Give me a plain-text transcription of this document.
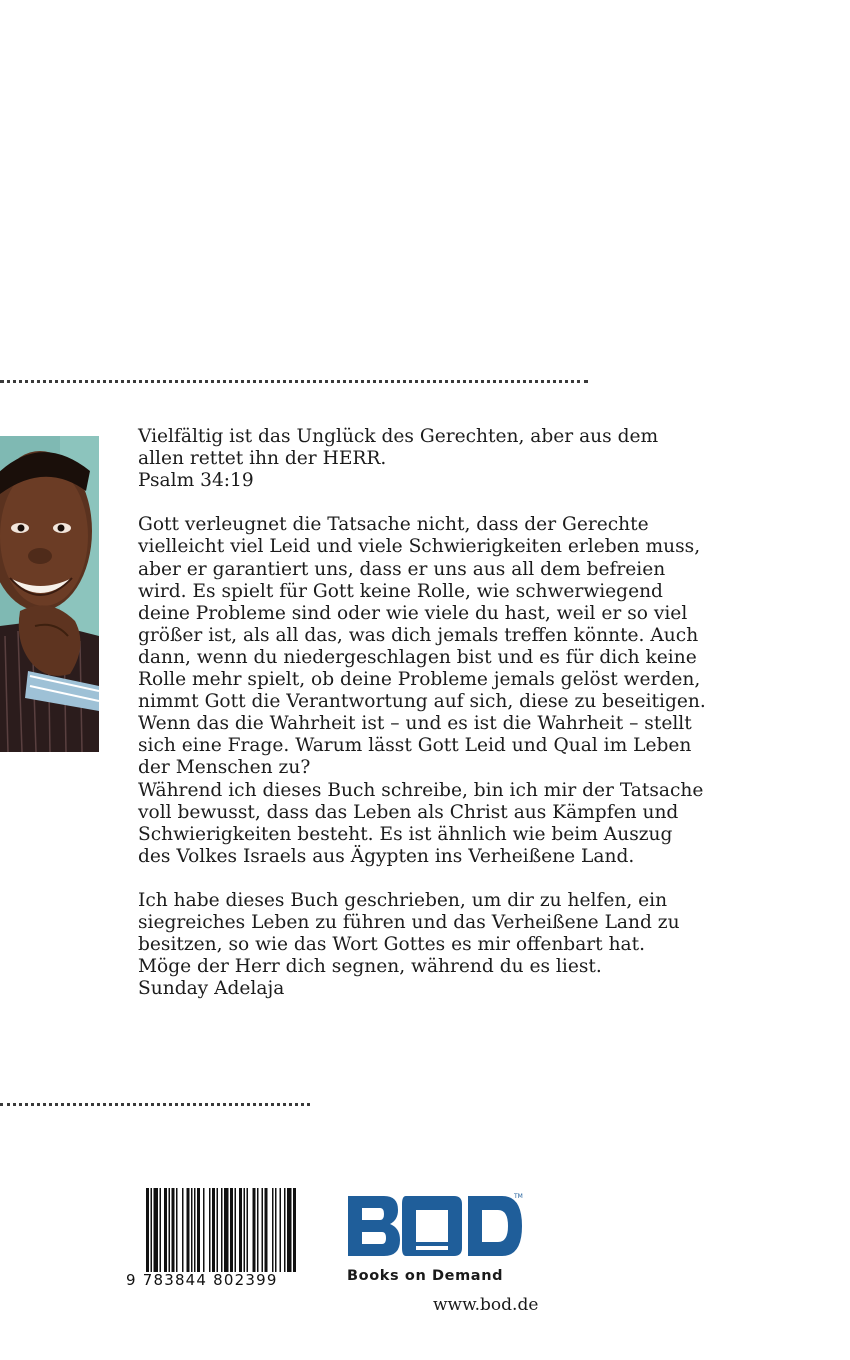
Vielfältig ist das Unglück des Gerechten, aber aus dem
allen rettet ihn der HERR.
Psalm 34:19
Gott verleugnet die Tatsache nicht, dass der Gerechte
vielleicht viel Leid und viele Schwierigkeiten erleben muss,
aber er garantiert uns, dass er uns aus all dem befreien
wird. Es spielt für Gott keine Rolle, wie schwerwiegend
deine Probleme sind oder wie viele du hast, weil er so viel
größer ist, als all das, was dich jemals treffen könnte. Auch
dann, wenn du niedergeschlagen bist und es für dich keine
Rolle mehr spielt, ob deine Probleme jemals gelöst werden,
nimmt Gott die Verantwortung auf sich, diese zu beseitigen.
Wenn das die Wahrheit ist – und es ist die Wahrheit – stellt
sich eine Frage. Warum lässt Gott Leid und Qual im Leben
der Menschen zu?
Während ich dieses Buch schreibe, bin ich mir der Tatsache
voll bewusst, dass das Leben als Christ aus Kämpfen und
Schwierigkeiten besteht. Es ist ähnlich wie beim Auszug
des Volkes Israels aus Ägypten ins Verheißene Land.
Ich habe dieses Buch geschrieben, um dir zu helfen, ein
siegreiches Leben zu führen und das Verheißene Land zu
besitzen, so wie das Wort Gottes es mir offenbart hat.
Möge der Herr dich segnen, während du es liest.
Sunday Adelaja
9 783844 802399
TM
Books on Demand
www.bod.de
